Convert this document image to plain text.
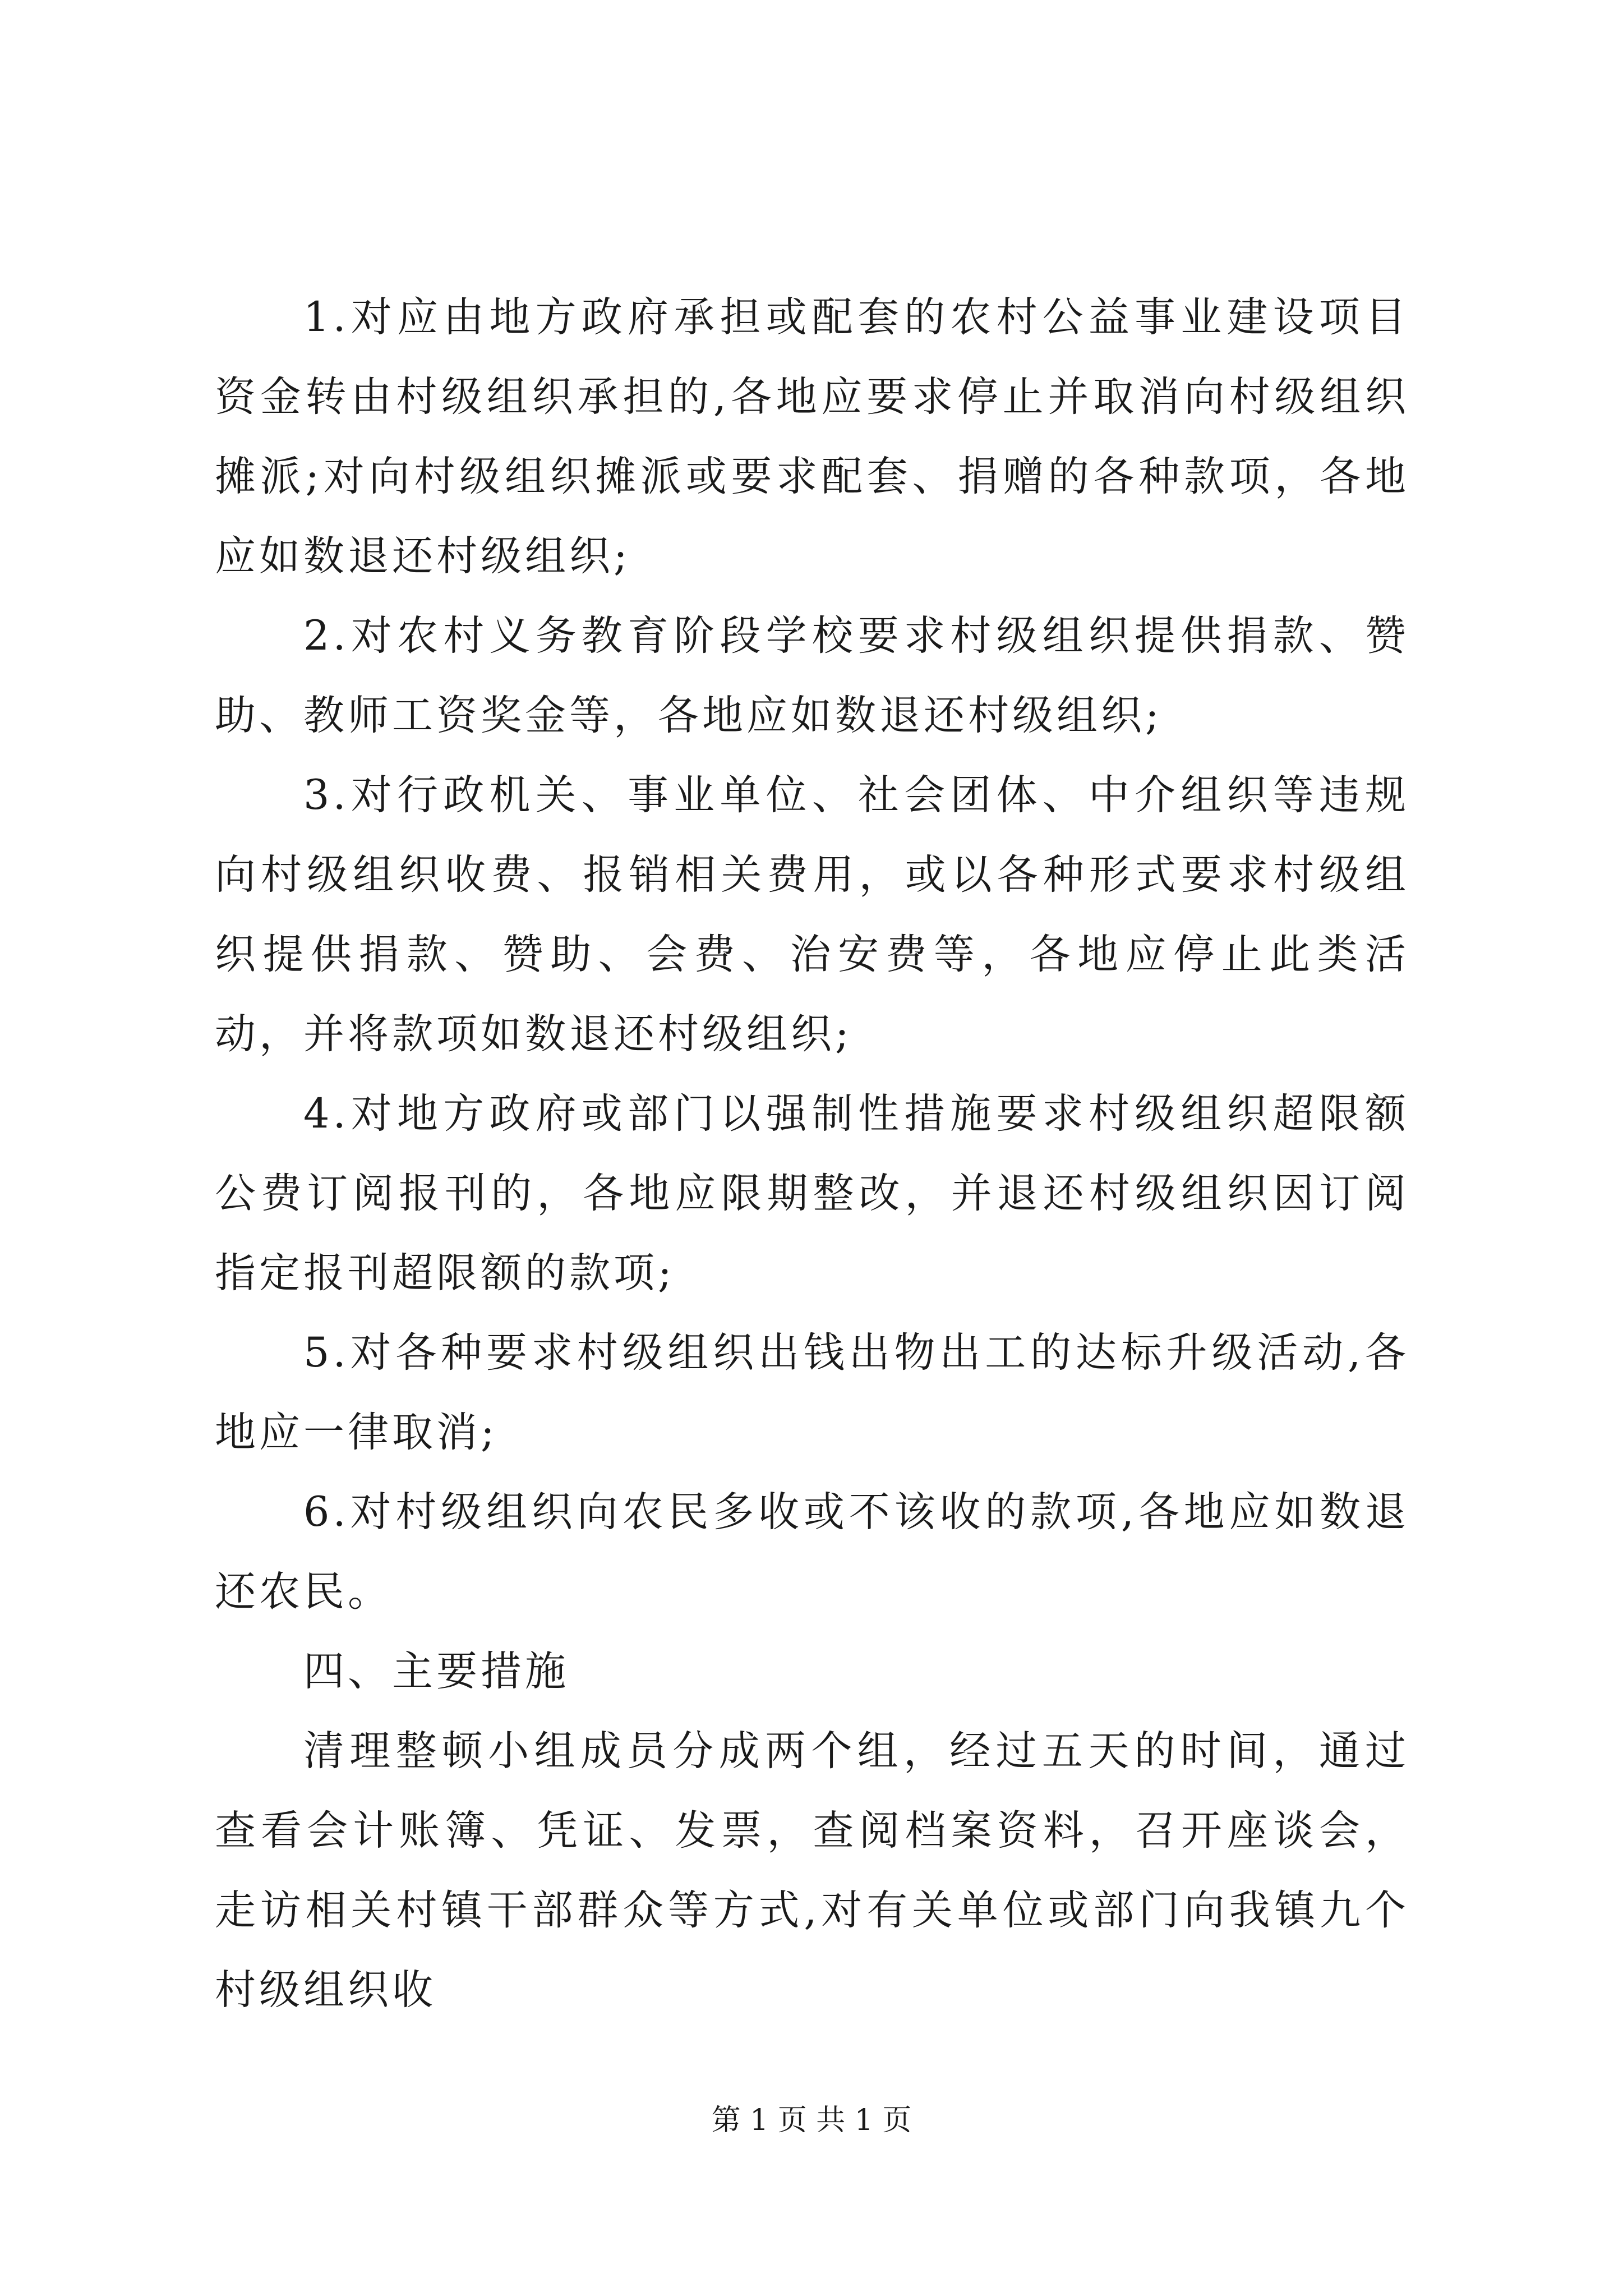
1.对应由地方政府承担或配套的农村公益事业建设项目资金转由村级组织承担的,各地应要求停止并取消向村级组织摊派;对向村级组织摊派或要求配套、捐赠的各种款项，各地应如数退还村级组织;

2.对农村义务教育阶段学校要求村级组织提供捐款、赞助、教师工资奖金等，各地应如数退还村级组织;

3.对行政机关、事业单位、社会团体、中介组织等违规向村级组织收费、报销相关费用，或以各种形式要求村级组织提供捐款、赞助、会费、治安费等，各地应停止此类活动，并将款项如数退还村级组织;

4.对地方政府或部门以强制性措施要求村级组织超限额公费订阅报刊的，各地应限期整改，并退还村级组织因订阅指定报刊超限额的款项;

5.对各种要求村级组织出钱出物出工的达标升级活动,各地应一律取消;

6.对村级组织向农民多收或不该收的款项,各地应如数退还农民。

四、主要措施

清理整顿小组成员分成两个组，经过五天的时间，通过查看会计账簿、凭证、发票，查阅档案资料，召开座谈会，走访相关村镇干部群众等方式,对有关单位或部门向我镇九个村级组织收

第 1 页 共 1 页
